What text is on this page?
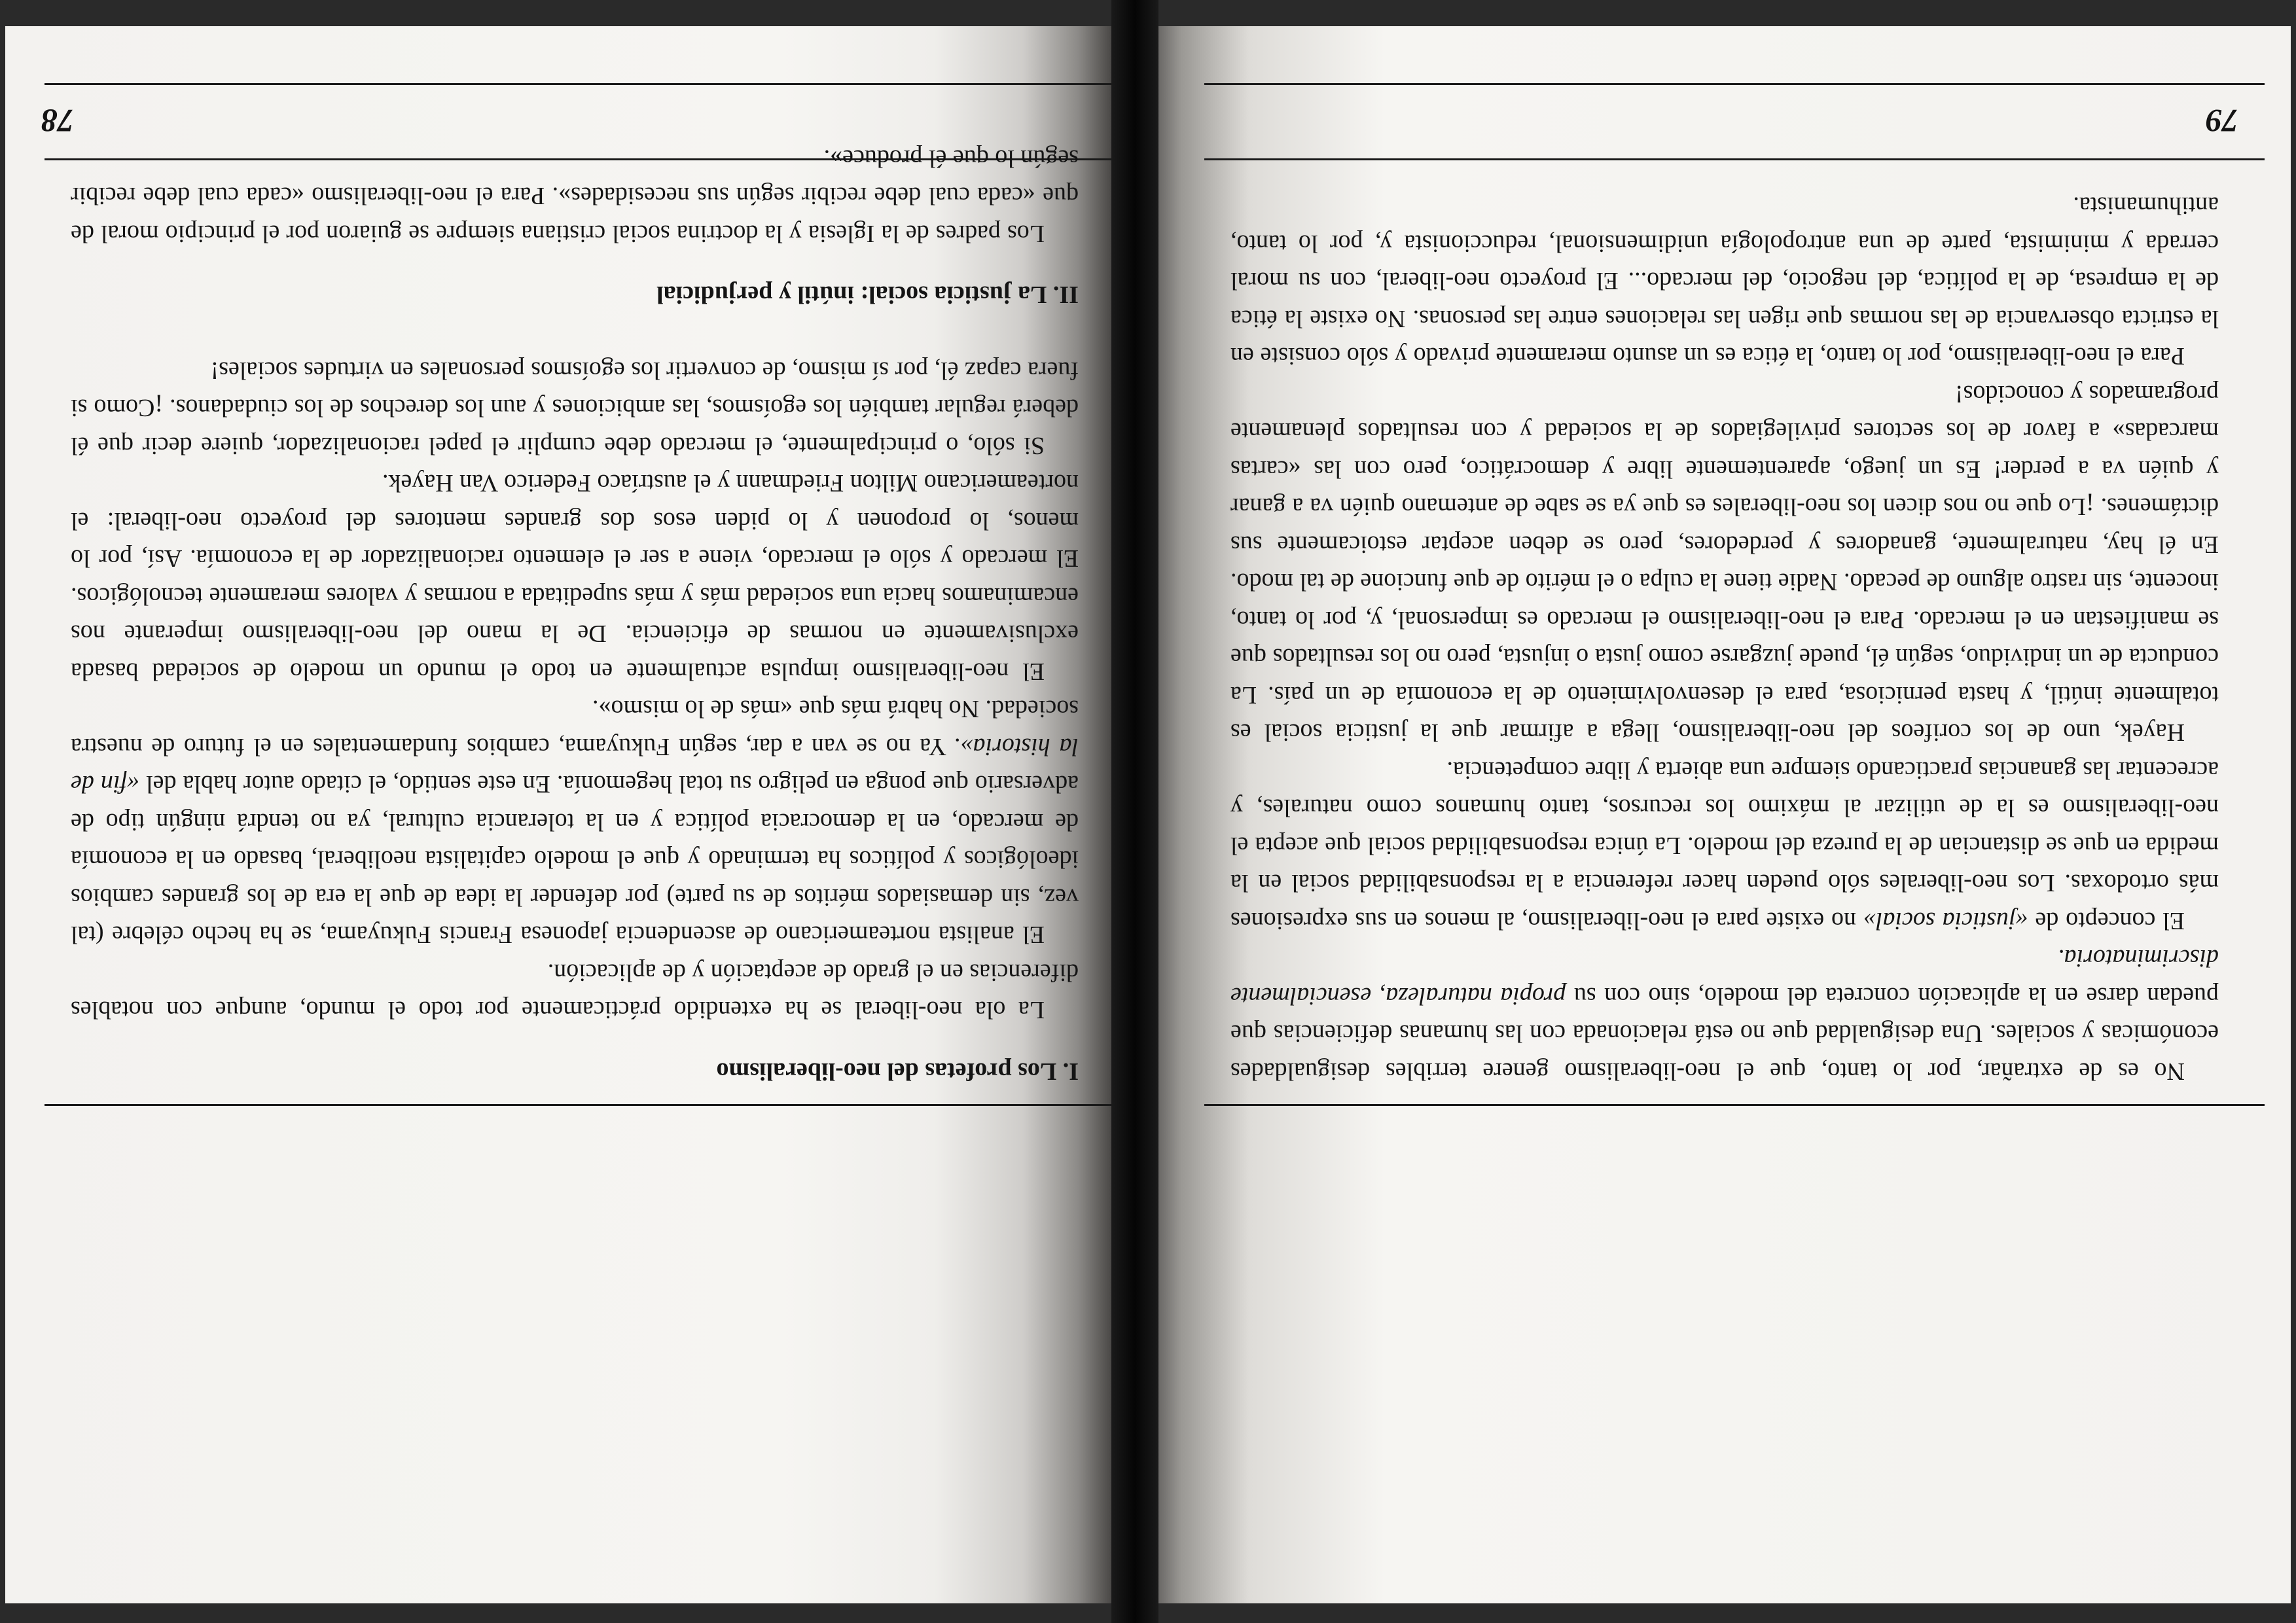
79

No es de extrañar, por lo tanto, que el neo-liberalismo genere terribles desigualdades económicas y sociales. Una desigualdad que no está relacionada con las humanas deficiencias que puedan darse en la aplicación concreta del modelo, sino con su propia naturaleza, esencialmente discriminatoria.

El concepto de «justicia social» no existe para el neo-liberalismo, al menos en sus expresiones más ortodoxas. Los neo-liberales sólo pueden hacer referencia a la responsabilidad social en la medida en que se distancian de la pureza del modelo. La única responsabilidad social que acepta el neo-liberalismo es la de utilizar al máximo los recursos, tanto humanos como naturales, y acrecentar las ganancias practicando siempre una abierta y libre competencia.

Hayek, uno de los corifeos del neo-liberalismo, llega a afirmar que la justicia social es totalmente inútil, y hasta perniciosa, para el desenvolvimiento de la economía de un país. La conducta de un individuo, según él, puede juzgarse como justa o injusta, pero no los resultados que se manifiestan en el mercado. Para el neo-liberalismo el mercado es impersonal, y, por lo tanto, inocente, sin rastro alguno de pecado. Nadie tiene la culpa o el mérito de que funcione de tal modo. En él hay, naturalmente, ganadores y perdedores, pero se deben aceptar estoicamente sus dictámenes. ¡Lo que no nos dicen los neo-liberales es que ya se sabe de antemano quién va a ganar y quién va a perder! Es un juego, aparentemente libre y democrático, pero con las «cartas marcadas» a favor de los sectores privilegiados de la sociedad y con resultados plenamente programados y conocidos!

Para el neo-liberalismo, por lo tanto, la ética es un asunto meramente privado y sólo consiste en la estricta observancia de las normas que rigen las relaciones entre las personas. No existe la ética de la empresa, de la política, del negocio, del mercado... El proyecto neo-liberal, con su moral cerrada y minimista, parte de una antropología unidimensional, reduccionista y, por lo tanto, antihumanista.

78
I. Los profetas del neo-liberalismo

La ola neo-liberal se ha extendido prácticamente por todo el mundo, aunque con notables diferencias en el grado de aceptación y de aplicación.

El analista norteamericano de ascendencia japonesa Francis Fukuyama, se ha hecho célebre (tal vez, sin demasiados méritos de su parte) por defender la idea de que la era de los grandes cambios ideológicos y políticos ha terminado y que el modelo capitalista neoliberal, basado en la economía de mercado, en la democracia política y en la tolerancia cultural, ya no tendrá ningún tipo de adversario que ponga en peligro su total hegemonía. En este sentido, el citado autor habla del «fin de la historia». Ya no se van a dar, según Fukuyama, cambios fundamentales en el futuro de nuestra sociedad. No habrá más que «más de lo mismo».

El neo-liberalismo impulsa actualmente en todo el mundo un modelo de sociedad basada exclusivamente en normas de eficiencia. De la mano del neo-liberalismo imperante nos encaminamos hacia una sociedad más y más supeditada a normas y valores meramente tecnológicos. El mercado y sólo el mercado, viene a ser el elemento racionalizador de la economía. Así, por lo menos, lo proponen y lo piden esos dos grandes mentores del proyecto neo-liberal: el norteamericano Milton Friedmann y el austríaco Federico Van Hayek.

Si sólo, o principalmente, el mercado debe cumplir el papel racionalizador, quiere decir que él deberá regular también los egoísmos, las ambiciones y aun los derechos de los ciudadanos. ¡Como si fuera capaz él, por sí mismo, de convertir los egoísmos personales en virtudes sociales!

II. La justicia social: inútil y perjudicial

Los padres de la Iglesia y la doctrina social cristiana siempre se guiaron por el principio moral de que «cada cual debe recibir según sus necesidades». Para el neo-liberalismo «cada cual debe recibir según lo que él produce».
